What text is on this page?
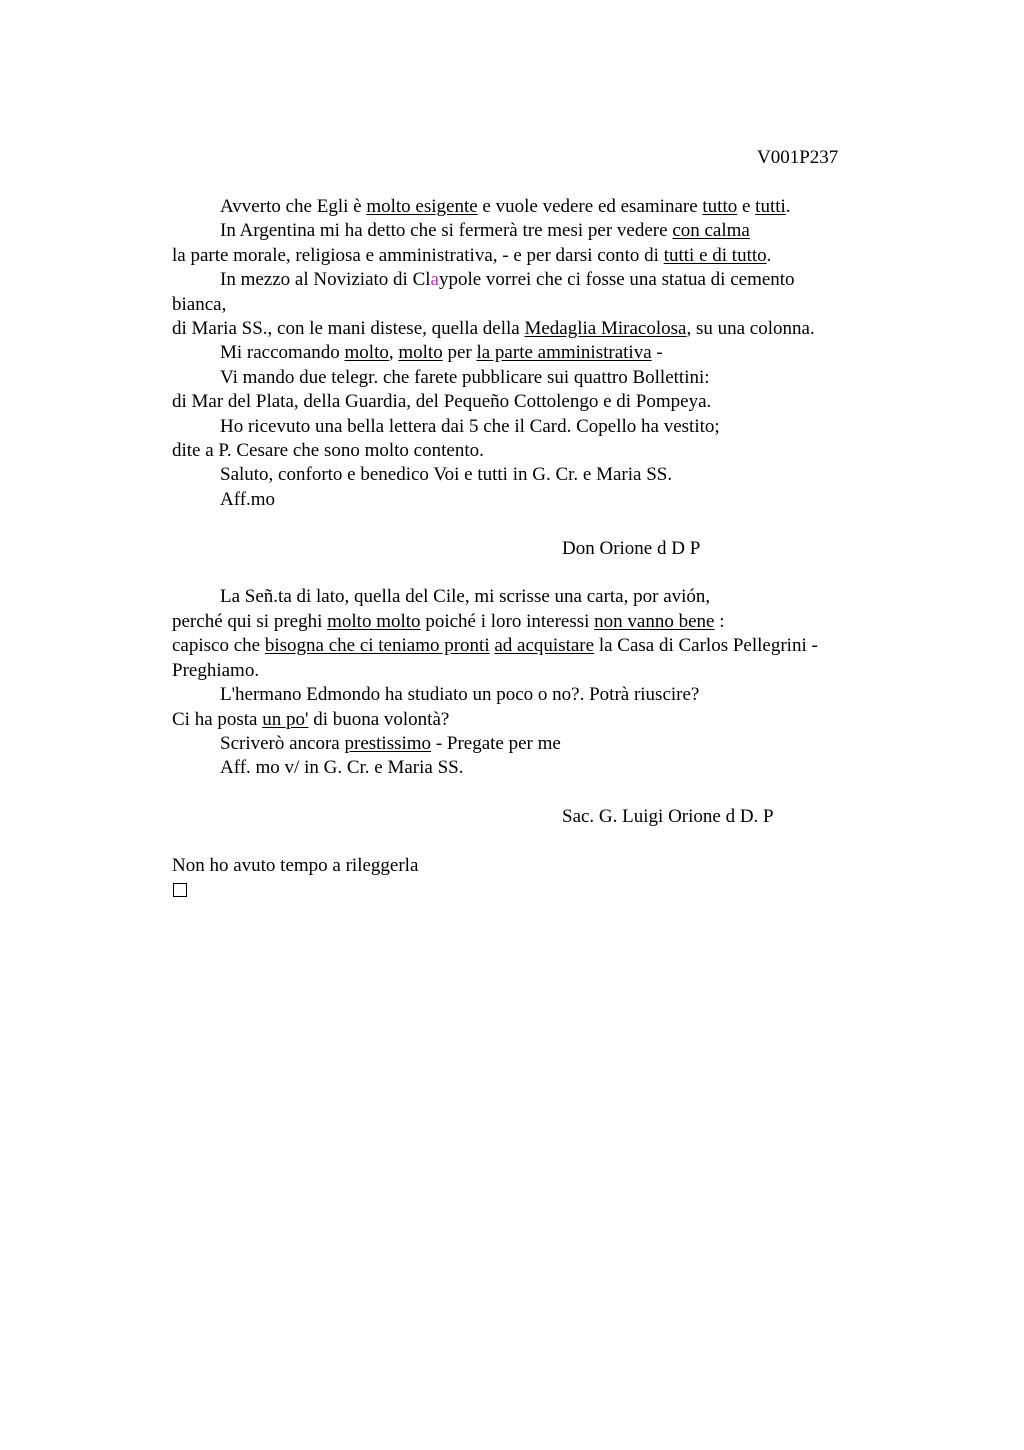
V001P237
Avverto che Egli è molto esigente e vuole vedere ed esaminare tutto e tutti.
In Argentina mi ha detto che si fermerà tre mesi per vedere con calma
la parte morale, religiosa e amministrativa, - e per darsi conto di tutti e di tutto.
In mezzo al Noviziato di Claypole vorrei che ci fosse una statua di cemento
bianca,
di Maria SS., con le mani distese, quella della Medaglia Miracolosa, su una colonna.
Mi raccomando molto, molto per la parte amministrativa -
Vi mando due telegr. che farete pubblicare sui quattro Bollettini:
di Mar del Plata, della Guardia, del Pequeño Cottolengo e di Pompeya.
Ho ricevuto una bella lettera dai 5 che il Card. Copello ha vestito;
dite a P. Cesare che sono molto contento.
Saluto, conforto e benedico Voi e tutti in G. Cr. e Maria SS.
Aff.mo
Don Orione d D P
La Señ.ta di lato, quella del Cile, mi scrisse una carta, por avión,
perché qui si preghi molto molto poiché i loro interessi non vanno bene :
capisco che bisogna che ci teniamo pronti ad acquistare la Casa di Carlos Pellegrini -
Preghiamo.
L'hermano Edmondo ha studiato un poco o no?. Potrà riuscire?
Ci ha posta un po' di buona volontà?
Scriverò ancora prestissimo - Pregate per me
Aff. mo v/ in G. Cr. e Maria SS.
Sac. G. Luigi Orione d D. P
Non ho avuto tempo a rileggerla
